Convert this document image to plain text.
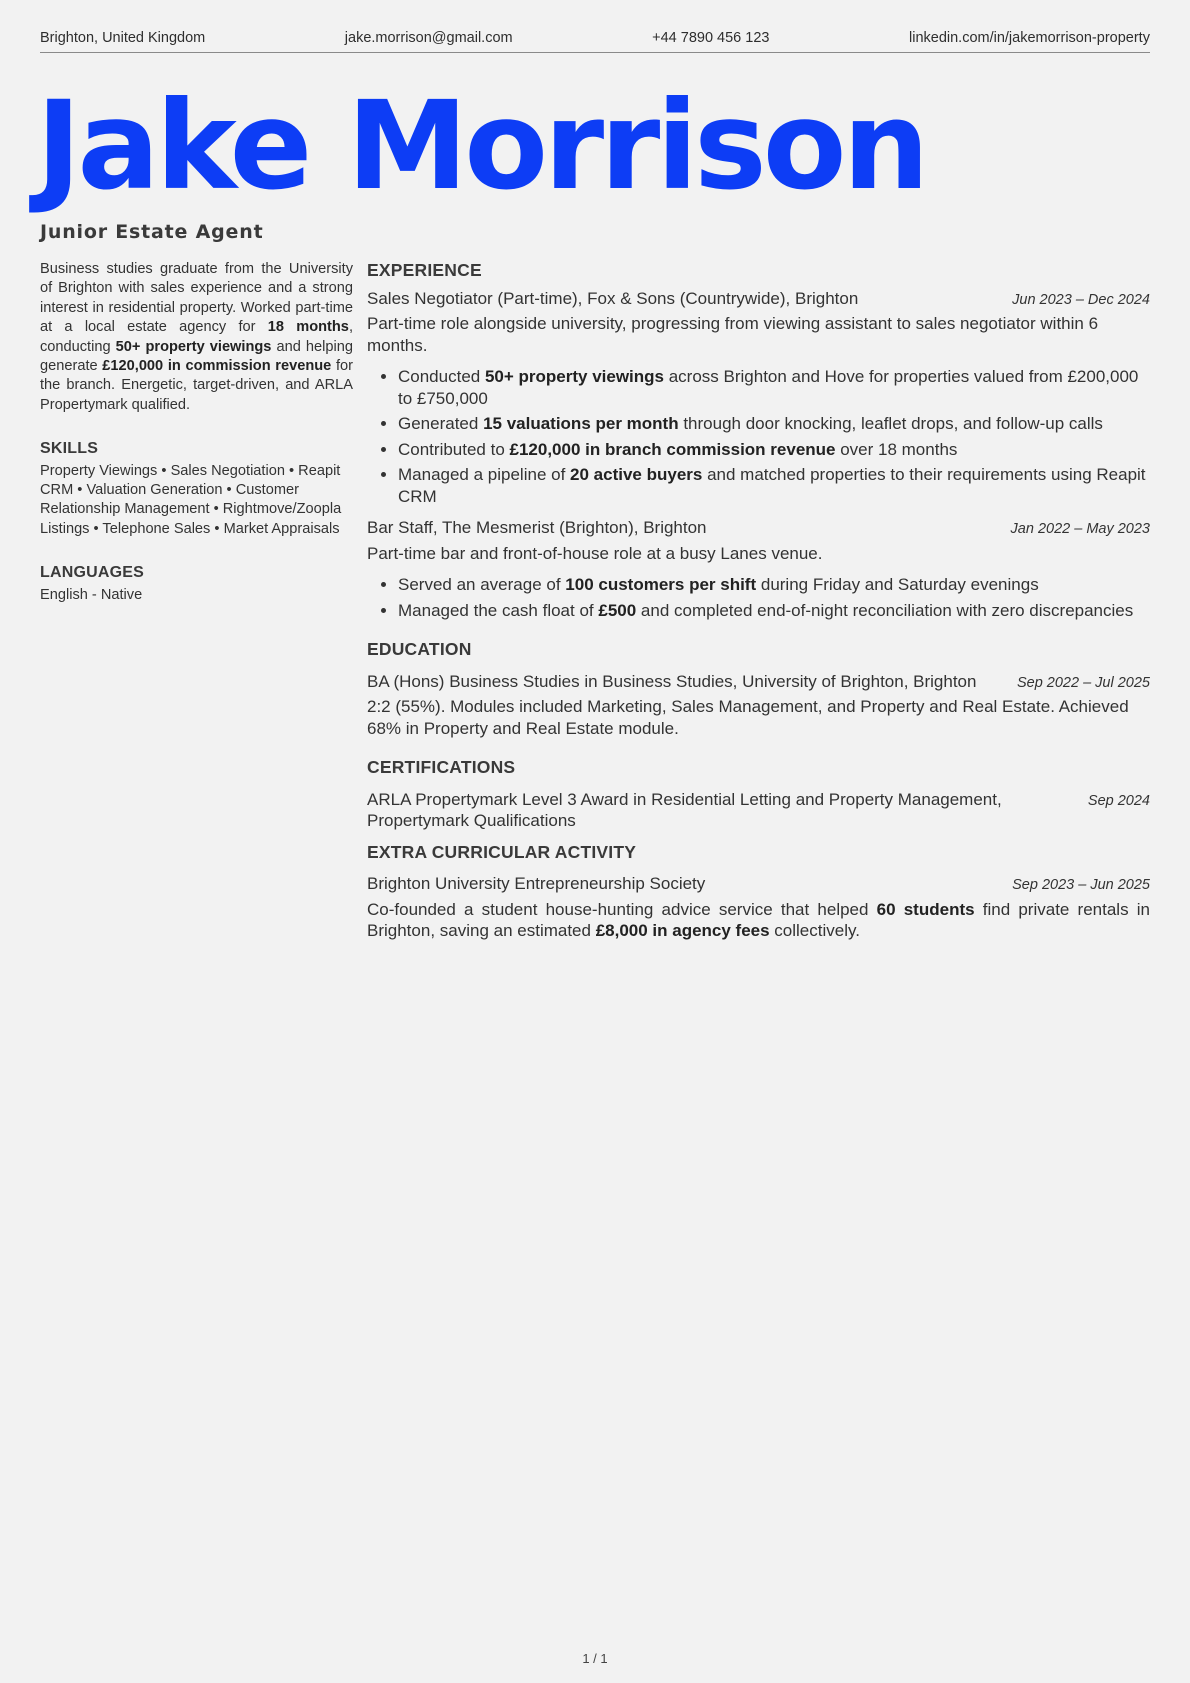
Brighton, United Kingdom	jake.morrison@gmail.com	+44 7890 456 123	linkedin.com/in/jakemorrison-property
Jake Morrison
Junior Estate Agent

Business studies graduate from the University of Brighton with sales experience and a strong interest in residential property. Worked part-time at a local estate agency for 18 months, conducting 50+ property viewings and helping generate £120,000 in commission revenue for the branch. Energetic, target-driven, and ARLA Propertymark qualified.

SKILLS

Property Viewings • Sales Negotiation • Reapit CRM • Valuation Generation • Customer Relationship Management • Rightmove/Zoopla Listings • Telephone Sales • Market Appraisals

LANGUAGES

English - Native

EXPERIENCE
Sales Negotiator (Part-time), Fox & Sons (Countrywide), Brighton	Jun 2023 – Dec 2024

Part-time role alongside university, progressing from viewing assistant to sales negotiator within 6 months.

• Conducted 50+ property viewings across Brighton and Hove for properties valued from £200,000 to £750,000
• Generated 15 valuations per month through door knocking, leaflet drops, and follow-up calls
• Contributed to £120,000 in branch commission revenue over 18 months
• Managed a pipeline of 20 active buyers and matched properties to their requirements using Reapit CRM
Bar Staff, The Mesmerist (Brighton), Brighton	Jan 2022 – May 2023

Part-time bar and front-of-house role at a busy Lanes venue.

• Served an average of 100 customers per shift during Friday and Saturday evenings
• Managed the cash float of £500 and completed end-of-night reconciliation with zero discrepancies
EDUCATION
BA (Hons) Business Studies in Business Studies, University of Brighton, Brighton	Sep 2022 – Jul 2025

2:2 (55%). Modules included Marketing, Sales Management, and Property and Real Estate. Achieved 68% in Property and Real Estate module.

CERTIFICATIONS
ARLA Propertymark Level 3 Award in Residential Letting and Property Management, Propertymark Qualifications
Sep 2024
EXTRA CURRICULAR ACTIVITY
Brighton University Entrepreneurship Society	Sep 2023 – Jun 2025

Co-founded a student house-hunting advice service that helped 60 students find private rentals in Brighton, saving an estimated £8,000 in agency fees collectively.

1 / 1
